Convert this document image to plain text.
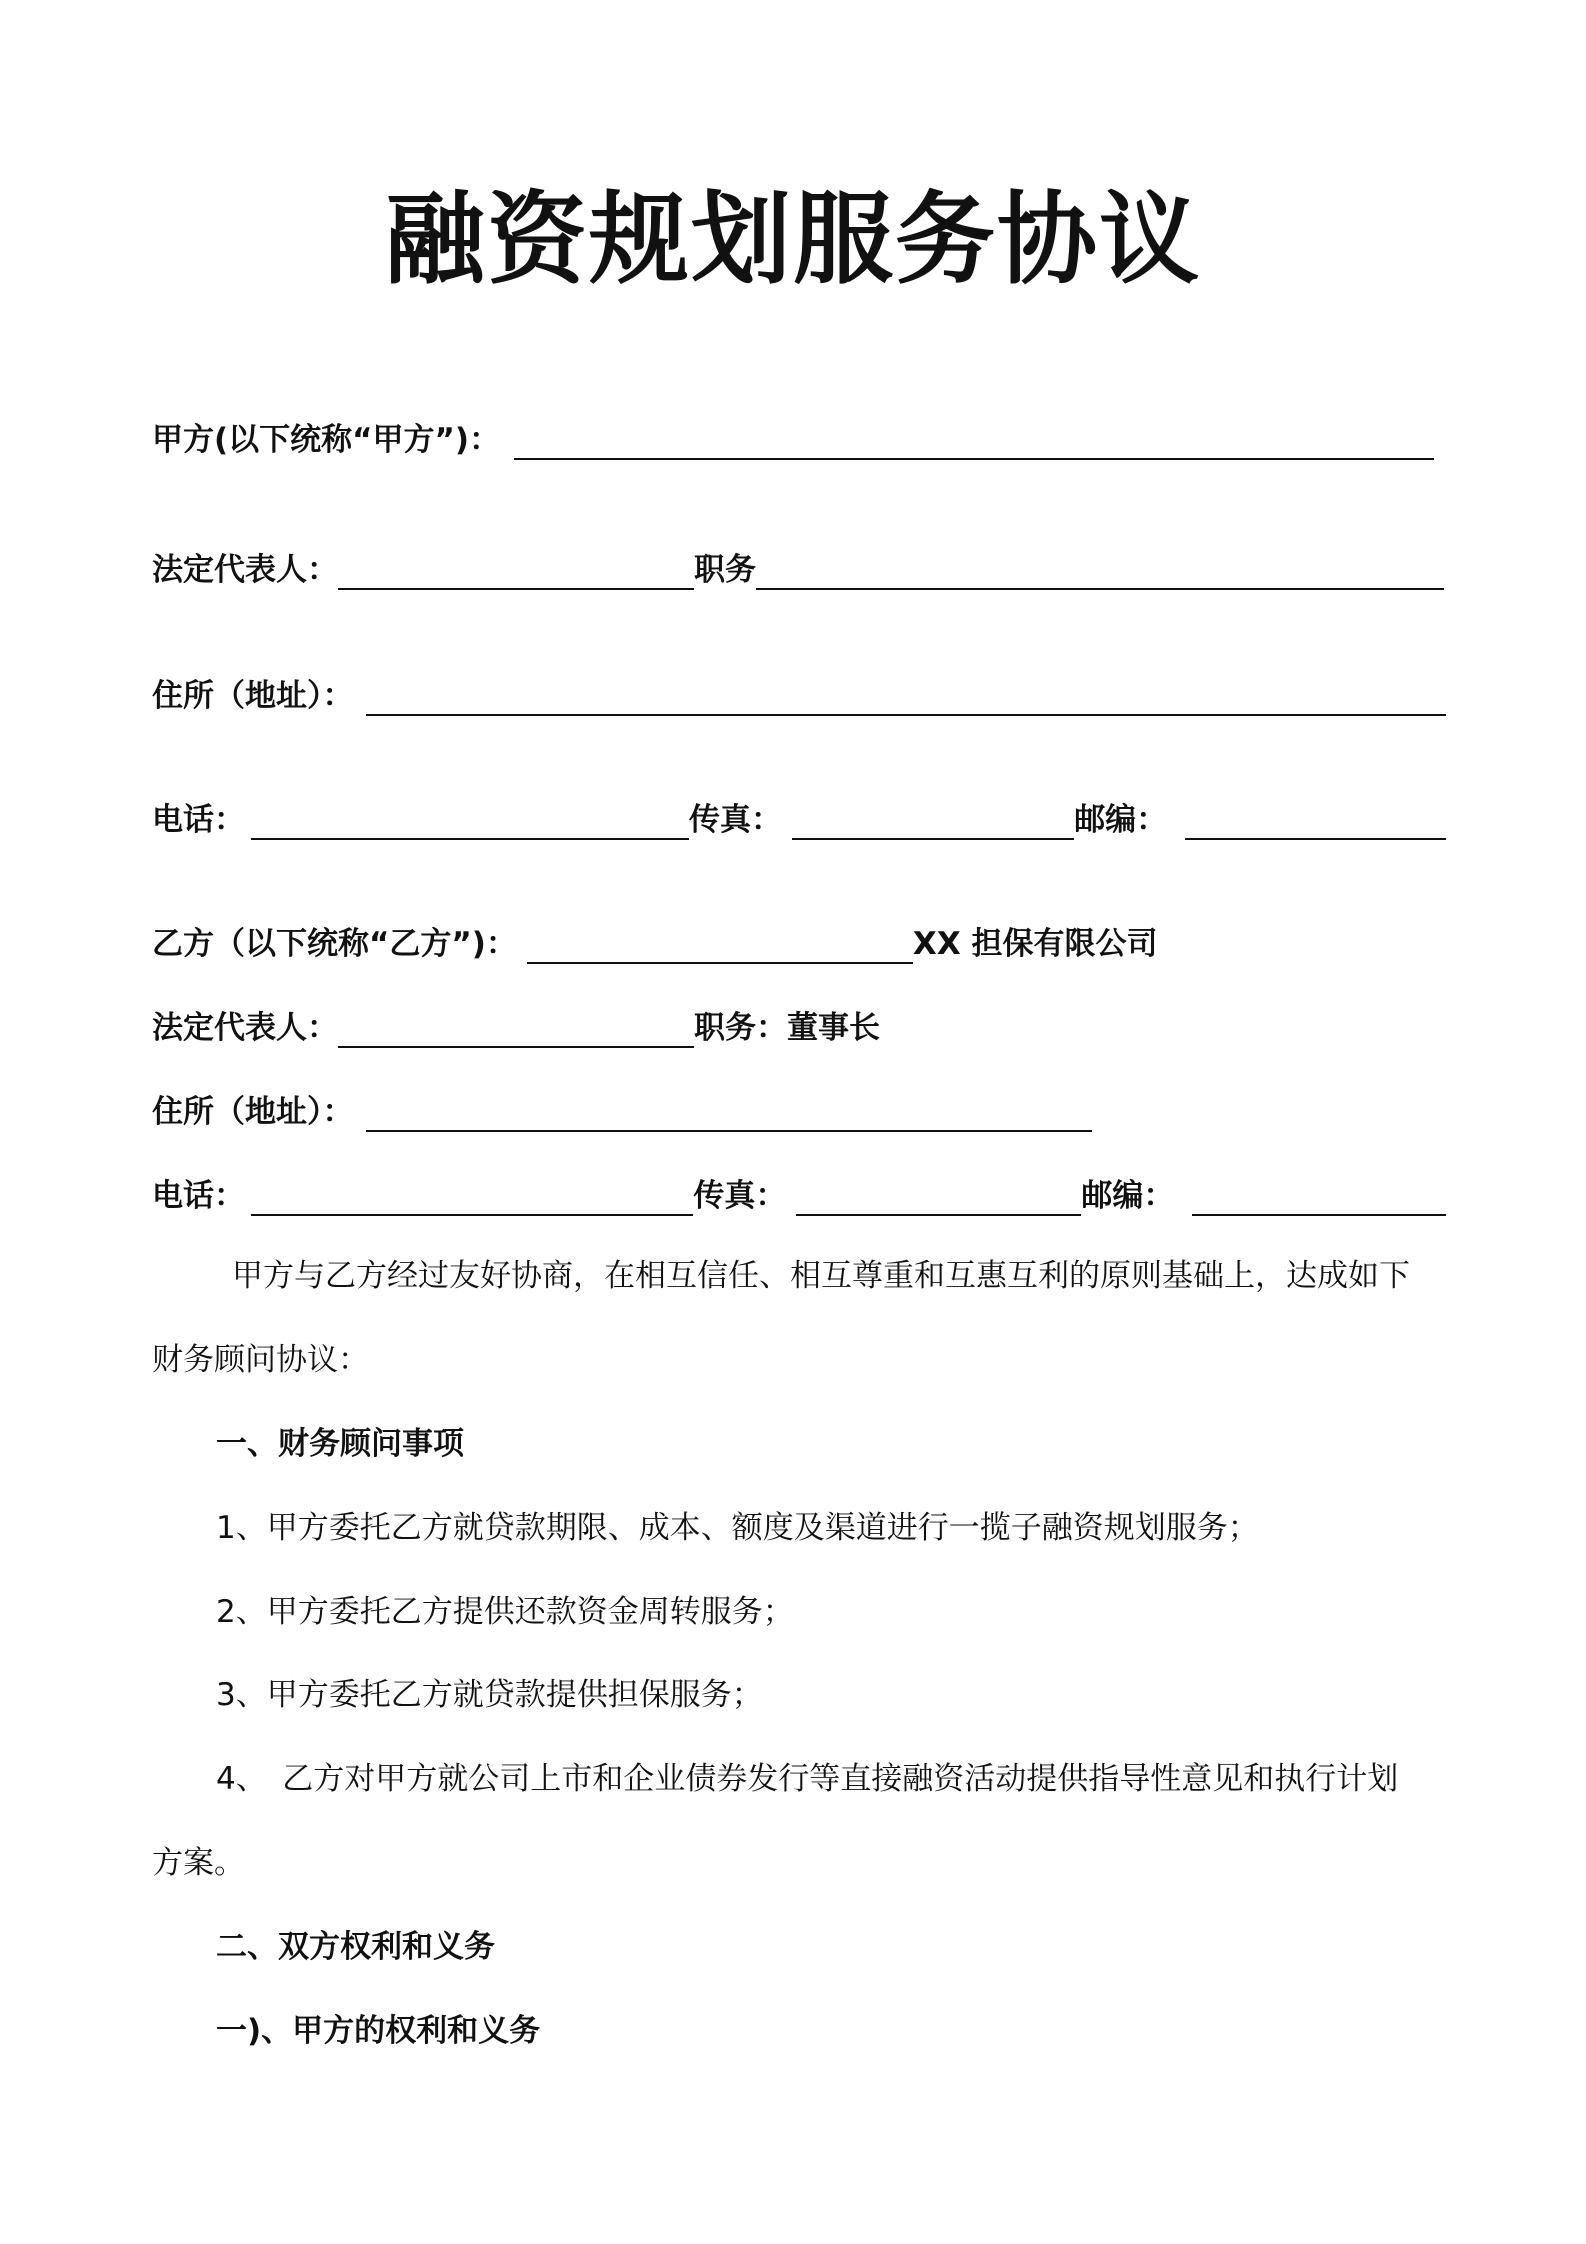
融资规划服务协议
甲方(以下统称“甲方”)：
法定代表人：	职务
住所（地址）：
电话：	传真：	邮编：
乙方（以下统称“乙方”)：	XX 担保有限公司
法定代表人：	职务： 董事长
住所（地址）：
电话：	传真：	邮编：
甲方与乙方经过友好协商，在相互信任、相互尊重和互惠互利的原则基础上，达成如下
财务顾问协议：
一、财务顾问事项
1、甲方委托乙方就贷款期限、成本、额度及渠道进行一揽子融资规划服务；
2、甲方委托乙方提供还款资金周转服务；
3、甲方委托乙方就贷款提供担保服务；
4、　乙方对甲方就公司上市和企业债券发行等直接融资活动提供指导性意见和执行计划
方案。
二、双方权利和义务
一)、甲方的权利和义务
